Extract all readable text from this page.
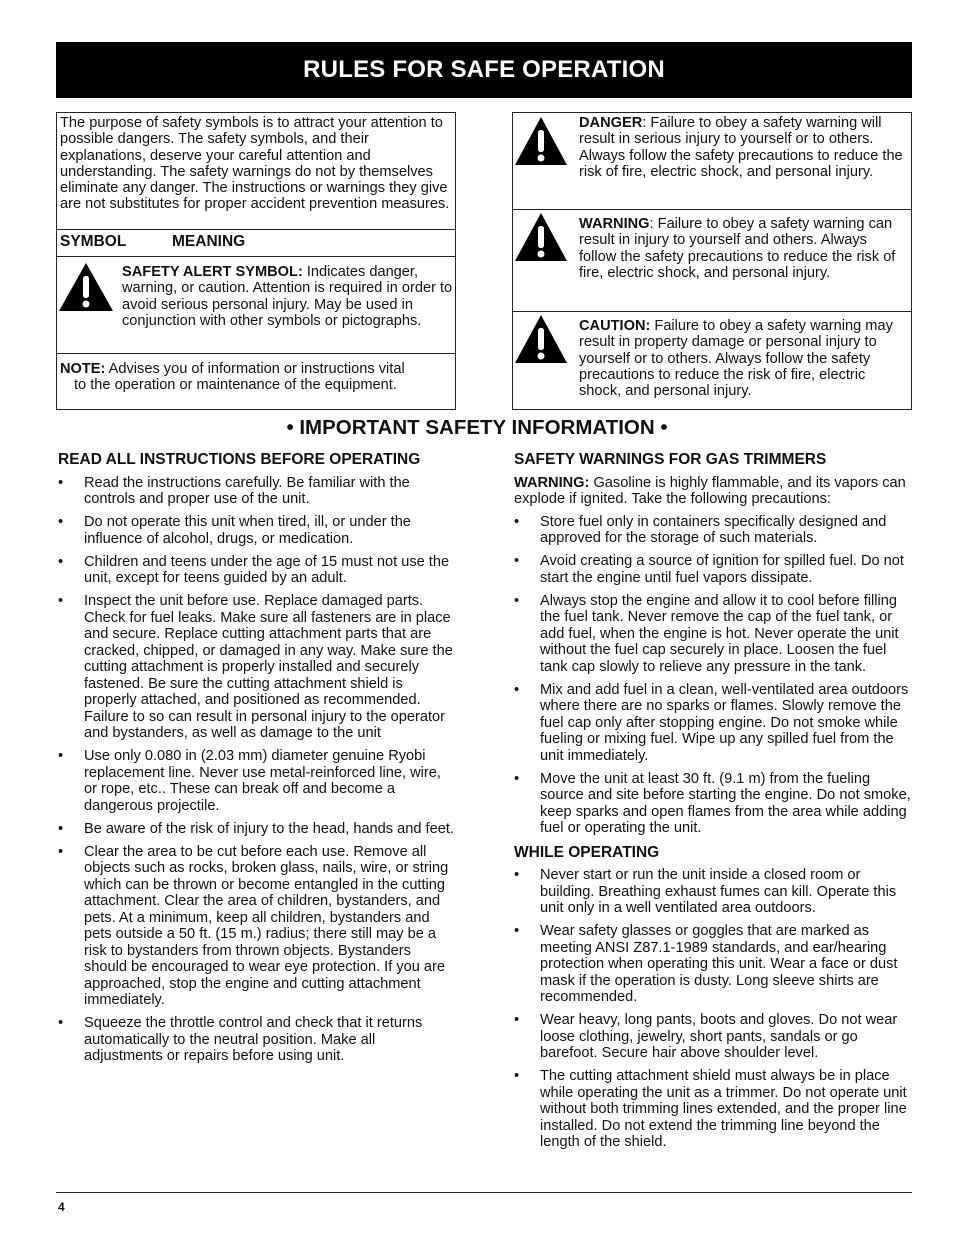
RULES FOR SAFE OPERATION
The purpose of safety symbols is to attract your attention to possible dangers. The safety symbols, and their explanations, deserve your careful attention and understanding. The safety warnings do not by themselves eliminate any danger. The instructions or warnings they give are not substitutes for proper accident prevention measures.
SYMBOL	MEANING
SAFETY ALERT SYMBOL: Indicates danger, warning, or caution. Attention is required in order to avoid serious personal injury. May be used in conjunction with other symbols or pictographs.
NOTE: Advises you of information or instructions vital
to the operation or maintenance of the equipment.
DANGER: Failure to obey a safety warning will result in serious injury to yourself or to others. Always follow the safety precautions to reduce the risk of fire, electric shock, and personal injury.
WARNING: Failure to obey a safety warning can result in injury to yourself and others. Always follow the safety precautions to reduce the risk of fire, electric shock, and personal injury.
CAUTION: Failure to obey a safety warning may result in property damage or personal injury to yourself or to others. Always follow the safety precautions to reduce the risk of fire, electric shock, and personal injury.
• IMPORTANT SAFETY INFORMATION •
READ ALL INSTRUCTIONS BEFORE OPERATING
• Read the instructions carefully. Be familiar with the controls and proper use of the unit.
• Do not operate this unit when tired, ill, or under the influence of alcohol, drugs, or medication.
• Children and teens under the age of 15 must not use the unit, except for teens guided by an adult.
• Inspect the unit before use. Replace damaged parts. Check for fuel leaks. Make sure all fasteners are in place and secure. Replace cutting attachment parts that are cracked, chipped, or damaged in any way. Make sure the cutting attachment is properly installed and securely fastened. Be sure the cutting attachment shield is properly attached, and positioned as recommended. Failure to so can result in personal injury to the operator and bystanders, as well as damage to the unit
• Use only 0.080 in (2.03 mm) diameter genuine Ryobi replacement line. Never use metal-reinforced line, wire, or rope, etc.. These can break off and become a dangerous projectile.
• Be aware of the risk of injury to the head, hands and feet.
• Clear the area to be cut before each use. Remove all objects such as rocks, broken glass, nails, wire, or string which can be thrown or become entangled in the cutting attachment. Clear the area of children, bystanders, and pets. At a minimum, keep all children, bystanders and pets outside a 50 ft. (15 m.) radius; there still may be a risk to bystanders from thrown objects. Bystanders should be encouraged to wear eye protection. If you are approached, stop the engine and cutting attachment immediately.
• Squeeze the throttle control and check that it returns automatically to the neutral position. Make all adjustments or repairs before using unit.
SAFETY WARNINGS FOR GAS TRIMMERS

WARNING: Gasoline is highly flammable, and its vapors can explode if ignited. Take the following precautions:

• Store fuel only in containers specifically designed and approved for the storage of such materials.
• Avoid creating a source of ignition for spilled fuel. Do not start the engine until fuel vapors dissipate.
• Always stop the engine and allow it to cool before filling the fuel tank. Never remove the cap of the fuel tank, or add fuel, when the engine is hot. Never operate the unit without the fuel cap securely in place. Loosen the fuel tank cap slowly to relieve any pressure in the tank.
• Mix and add fuel in a clean, well-ventilated area outdoors where there are no sparks or flames. Slowly remove the fuel cap only after stopping engine. Do not smoke while fueling or mixing fuel. Wipe up any spilled fuel from the unit immediately.
• Move the unit at least 30 ft. (9.1 m) from the fueling source and site before starting the engine. Do not smoke, keep sparks and open flames from the area while adding fuel or operating the unit.
WHILE OPERATING
• Never start or run the unit inside a closed room or building. Breathing exhaust fumes can kill. Operate this unit only in a well ventilated area outdoors.
• Wear safety glasses or goggles that are marked as meeting ANSI Z87.1-1989 standards, and ear/hearing protection when operating this unit. Wear a face or dust mask if the operation is dusty. Long sleeve shirts are recommended.
• Wear heavy, long pants, boots and gloves. Do not wear loose clothing, jewelry, short pants, sandals or go barefoot. Secure hair above shoulder level.
• The cutting attachment shield must always be in place while operating the unit as a trimmer. Do not operate unit without both trimming lines extended, and the proper line installed. Do not extend the trimming line beyond the length of the shield.
4
